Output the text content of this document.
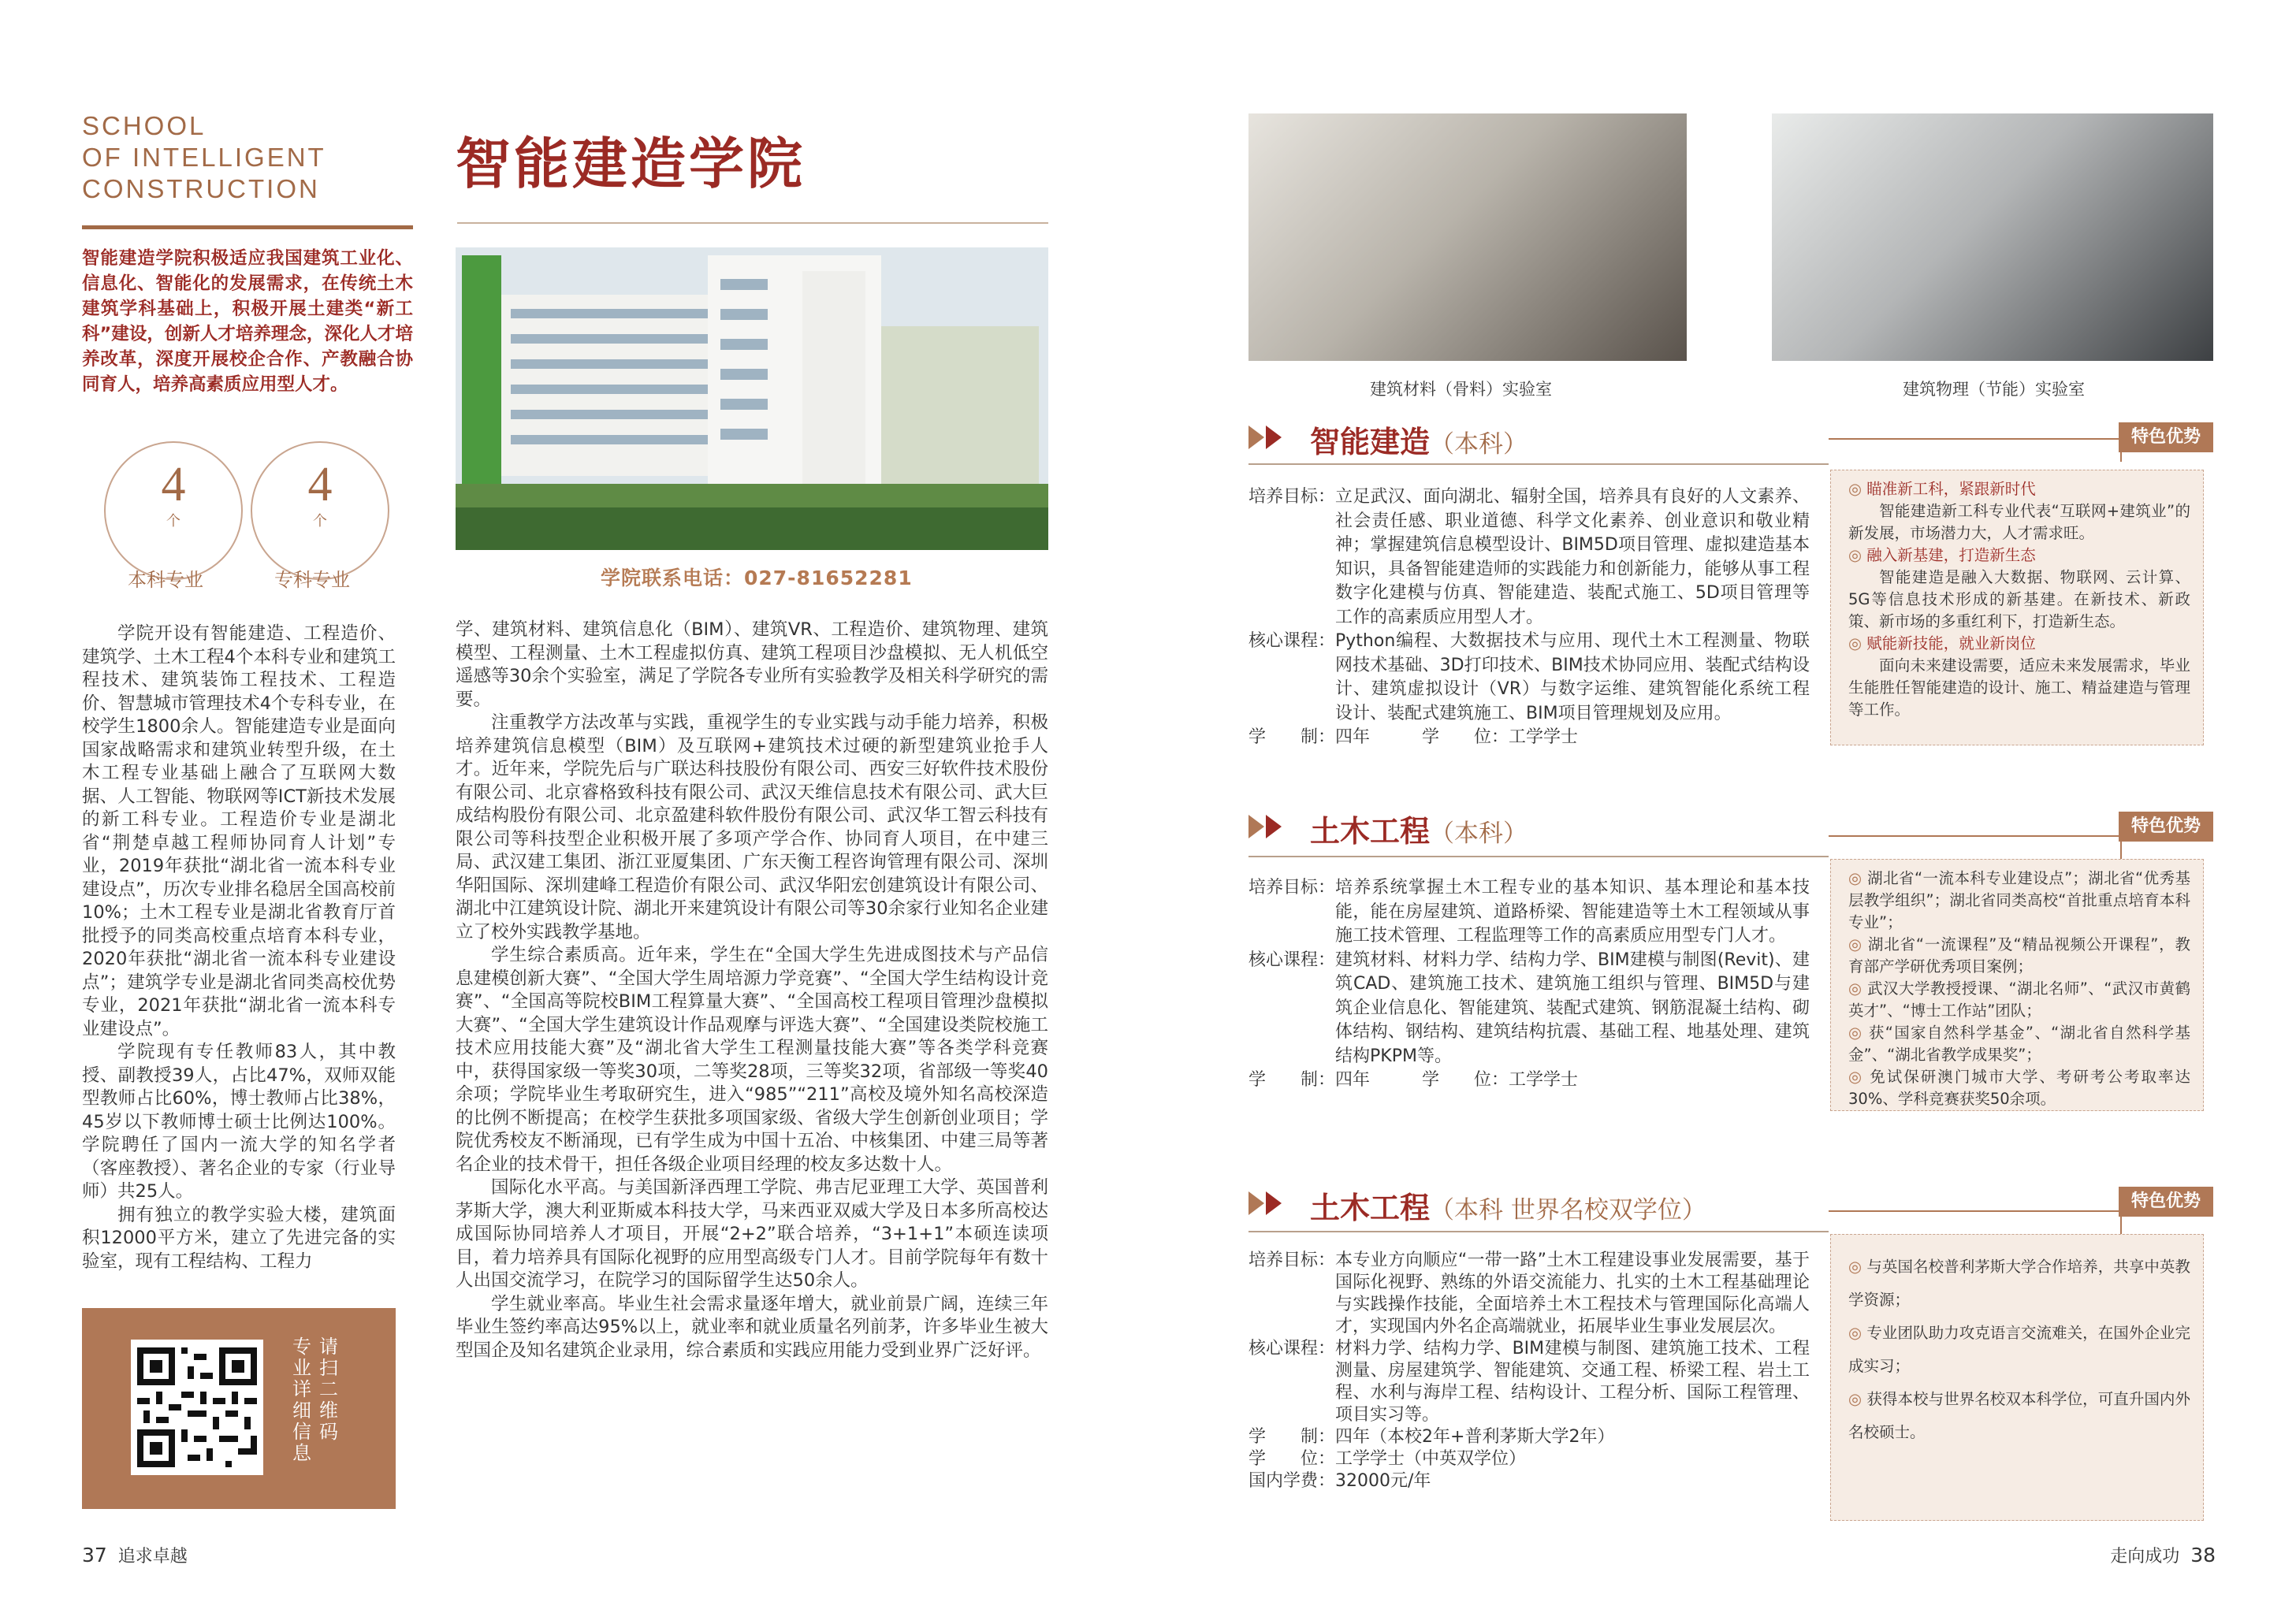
SCHOOL
OF INTELLIGENT
CONSTRUCTION 智能建造学院
智能建造学院积极适应我国建筑工业化、信息化、智能化的发展需求，在传统土木建筑学科基础上，积极开展土建类“新工科”建设，创新人才培养理念，深化人才培养改革，深度开展校企合作、产教融合协同育人，培养高素质应用型人才。
4
个
4
个
本科专业	专科专业

学院开设有智能建造、工程造价、建筑学、土木工程4个本科专业和建筑工程技术、建筑装饰工程技术、工程造价、智慧城市管理技术4个专科专业，在校学生1800余人。智能建造专业是面向国家战略需求和建筑业转型升级，在土木工程专业基础上融合了互联网大数据、人工智能、物联网等ICT新技术发展的新工科专业。工程造价专业是湖北省“荆楚卓越工程师协同育人计划”专业，2019年获批“湖北省一流本科专业建设点”，历次专业排名稳居全国高校前10%；土木工程专业是湖北省教育厅首批授予的同类高校重点培育本科专业，2020年获批“湖北省一流本科专业建设点”；建筑学专业是湖北省同类高校优势专业，2021年获批“湖北省一流本科专业建设点”。

学院现有专任教师83人，其中教授、副教授39人，占比47%，双师双能型教师占比60%，博士教师占比38%，45岁以下教师博士硕士比例达100%。学院聘任了国内一流大学的知名学者（客座教授）、著名企业的专家（行业导师）共25人。

拥有独立的教学实验大楼，建筑面积12000平方米，建立了先进完备的实验室，现有工程结构、工程力

专业详细信息
请扫二维码
学院联系电话：027-81652281

学、建筑材料、建筑信息化（BIM）、建筑VR、工程造价、建筑物理、建筑模型、工程测量、土木工程虚拟仿真、建筑工程项目沙盘模拟、无人机低空遥感等30余个实验室，满足了学院各专业所有实验教学及相关科学研究的需要。

注重教学方法改革与实践，重视学生的专业实践与动手能力培养，积极培养建筑信息模型（BIM）及互联网+建筑技术过硬的新型建筑业抢手人才。近年来，学院先后与广联达科技股份有限公司、西安三好软件技术股份有限公司、北京睿格致科技有限公司、武汉天维信息技术有限公司、武大巨成结构股份有限公司、北京盈建科软件股份有限公司、武汉华工智云科技有限公司等科技型企业积极开展了多项产学合作、协同育人项目，在中建三局、武汉建工集团、浙江亚厦集团、广东天衡工程咨询管理有限公司、深圳华阳国际、深圳建峰工程造价有限公司、武汉华阳宏创建筑设计有限公司、湖北中江建筑设计院、湖北开来建筑设计有限公司等30余家行业知名企业建立了校外实践教学基地。

学生综合素质高。近年来，学生在“全国大学生先进成图技术与产品信息建模创新大赛”、“全国大学生周培源力学竞赛”、“全国大学生结构设计竞赛”、“全国高等院校BIM工程算量大赛”、“全国高校工程项目管理沙盘模拟大赛”、“全国大学生建筑设计作品观摩与评选大赛”、“全国建设类院校施工技术应用技能大赛”及“湖北省大学生工程测量技能大赛”等各类学科竞赛中，获得国家级一等奖30项，二等奖28项，三等奖32项，省部级一等奖40余项；学院毕业生考取研究生，进入“985”“211”高校及境外知名高校深造的比例不断提高；在校学生获批多项国家级、省级大学生创新创业项目；学院优秀校友不断涌现，已有学生成为中国十五冶、中核集团、中建三局等著名企业的技术骨干，担任各级企业项目经理的校友多达数十人。

国际化水平高。与美国新泽西理工学院、弗吉尼亚理工大学、英国普利茅斯大学，澳大利亚斯威本科技大学，马来西亚双威大学及日本多所高校达成国际协同培养人才项目，开展“2+2”联合培养，“3+1+1”本硕连读项目，着力培养具有国际化视野的应用型高级专门人才。目前学院每年有数十人出国交流学习，在院学习的国际留学生达50余人。

学生就业率高。毕业生社会需求量逐年增大，就业前景广阔，连续三年毕业生签约率高达95%以上，就业率和就业质量名列前茅，许多毕业生被大型国企及知名建筑企业录用，综合素质和实践应用能力受到业界广泛好评。

37 追求卓越
建筑材料（骨料）实验室	建筑物理（节能）实验室
智能建造（本科）	特色优势
培养目标： 立足武汉、面向湖北、辐射全国，培养具有良好的人文素养、社会责任感、职业道德、科学文化素养、创业意识和敬业精神；掌握建筑信息模型设计、BIM5D项目管理、虚拟建造基本知识，具备智能建造师的实践能力和创新能力，能够从事工程数字化建模与仿真、智能建造、装配式施工、5D项目管理等工作的高素质应用型人才。
核心课程： Python编程、大数据技术与应用、现代土木工程测量、物联网技术基础、3D打印技术、BIM技术协同应用、装配式结构设计、建筑虚拟设计（VR）与数字运维、建筑智能化系统工程设计、装配式建筑施工、BIM项目管理规划及应用。
学　　制： 四年	学　　位： 工学学士
◎ 瞄准新工科，紧跟新时代
智能建造新工科专业代表“互联网+建筑业”的新发展，市场潜力大，人才需求旺。
◎ 融入新基建，打造新生态
智能建造是融入大数据、物联网、云计算、5G等信息技术形成的新基建。在新技术、新政策、新市场的多重红利下，打造新生态。
◎ 赋能新技能，就业新岗位
面向未来建设需要，适应未来发展需求，毕业生能胜任智能建造的设计、施工、精益建造与管理等工作。
土木工程（本科）	特色优势
培养目标： 培养系统掌握土木工程专业的基本知识、基本理论和基本技能，能在房屋建筑、道路桥梁、智能建造等土木工程领域从事施工技术管理、工程监理等工作的高素质应用型专门人才。
核心课程： 建筑材料、材料力学、结构力学、BIM建模与制图(Revit)、建筑CAD、建筑施工技术、建筑施工组织与管理、BIM5D与建筑企业信息化、智能建筑、装配式建筑、钢筋混凝土结构、砌体结构、钢结构、建筑结构抗震、基础工程、地基处理、建筑结构PKPM等。
学　　制： 四年	学　　位： 工学学士
◎ 湖北省“一流本科专业建设点”；湖北省“优秀基层教学组织”；湖北省同类高校“首批重点培育本科专业”；
◎ 湖北省“一流课程”及“精品视频公开课程”，教育部产学研优秀项目案例；
◎ 武汉大学教授授课、“湖北名师”、“武汉市黄鹤英才”、“博士工作站”团队；
◎ 获“国家自然科学基金”、“湖北省自然科学基金”、“湖北省教学成果奖”；
◎ 免试保研澳门城市大学、考研考公考取率达30%、学科竞赛获奖50余项。
土木工程（本科 世界名校双学位）	特色优势
培养目标： 本专业方向顺应“一带一路”土木工程建设事业发展需要，基于国际化视野、熟练的外语交流能力、扎实的土木工程基础理论与实践操作技能，全面培养土木工程技术与管理国际化高端人才，实现国内外名企高端就业，拓展毕业生事业发展层次。
核心课程： 材料力学、结构力学、BIM建模与制图、建筑施工技术、工程测量、房屋建筑学、智能建筑、交通工程、桥梁工程、岩土工程、水利与海岸工程、结构设计、工程分析、国际工程管理、项目实习等。
学　　制： 四年（本校2年+普利茅斯大学2年）
学　　位： 工学学士（中英双学位）
国内学费： 32000元/年
◎ 与英国名校普利茅斯大学合作培养，共享中英教学资源；
◎ 专业团队助力攻克语言交流难关，在国外企业完成实习；
◎ 获得本校与世界名校双本科学位，可直升国内外名校硕士。
走向成功 38
